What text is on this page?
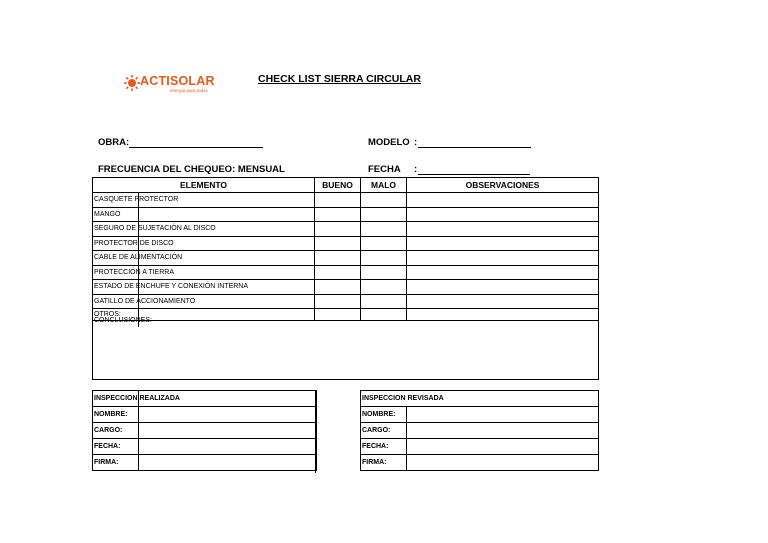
ACTISOLAR
energía para todos
CHECK LIST SIERRA CIRCULAR
OBRA:	MODELO :
FRECUENCIA DEL CHEQUEO: MENSUAL	FECHA :
ELEMENTO	BUENO	MALO	OBSERVACIONES
CASQUETE PROTECTOR			
MANGO			
SEGURO DE SUJETACIÓN AL DISCO			
PROTECTOR DE DISCO			
CABLE DE ALIMENTACIÓN			
PROTECCIÓN A TIERRA			
ESTADO DE ENCHUFE Y CONEXIÓN INTERNA			
GATILLO DE ACCIONAMIENTO			
OTROS:			
CONCLUSIONES:			
INSPECCION REALIZADA	
NOMBRE:	
CARGO:	
FECHA:	
FIRMA:	
INSPECCION REVISADA	
NOMBRE:	
CARGO:	
FECHA:	
FIRMA:	
